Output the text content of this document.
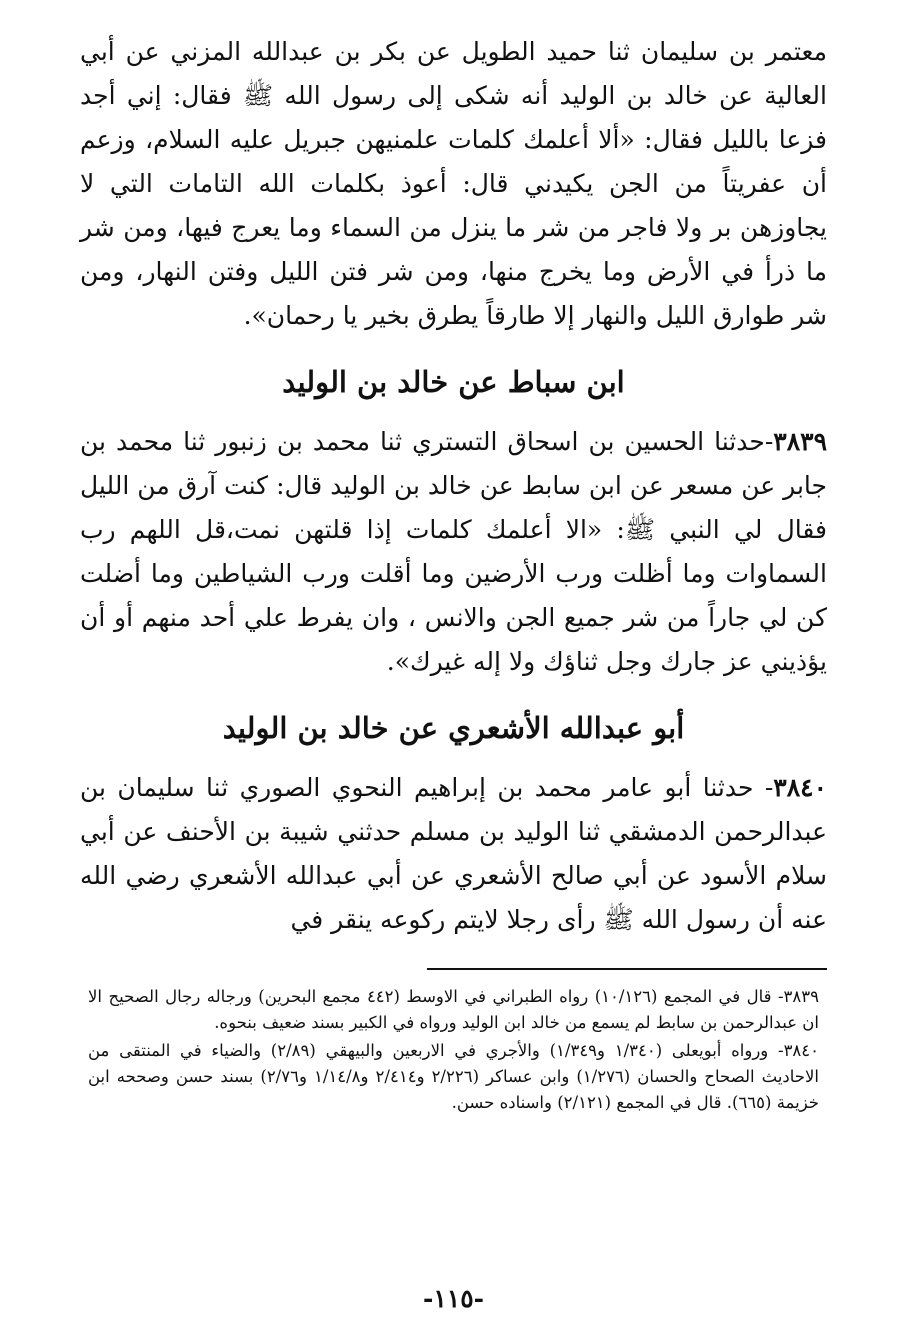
معتمر بن سليمان ثنا حميد الطويل عن بكر بن عبدالله المزني عن أبي العالية عن خالد بن الوليد أنه شكى إلى رسول الله ﷺ فقال: إني أجد فزعا بالليل فقال: «ألا أعلمك كلمات علمنيهن جبريل عليه السلام، وزعم أن عفريتاً من الجن يكيدني قال: أعوذ بكلمات الله التامات التي لا يجاوزهن بر ولا فاجر من شر ما ينزل من السماء وما يعرج فيها، ومن شر ما ذرأ في الأرض وما يخرج منها، ومن شر فتن الليل وفتن النهار، ومن شر طوارق الليل والنهار إلا طارقاً يطرق بخير يا رحمان».

ابن سباط عن خالد بن الوليد

٣٨٣٩-حدثنا الحسين بن اسحاق التستري ثنا محمد بن زنبور ثنا محمد بن جابر عن مسعر عن ابن سابط عن خالد بن الوليد قال: كنت آرق من الليل فقال لي النبي ﷺ: «الا أعلمك كلمات إذا قلتهن نمت،قل اللهم رب السماوات وما أظلت ورب الأرضين وما أقلت ورب الشياطين وما أضلت كن لي جاراً من شر جميع الجن والانس ، وان يفرط علي أحد منهم أو أن يؤذيني عز جارك وجل ثناؤك ولا إله غيرك».

أبو عبدالله الأشعري عن خالد بن الوليد

٣٨٤٠- حدثنا أبو عامر محمد بن إبراهيم النحوي الصوري ثنا سليمان بن عبدالرحمن الدمشقي ثنا الوليد بن مسلم حدثني شيبة بن الأحنف عن أبي سلام الأسود عن أبي صالح الأشعري عن أبي عبدالله الأشعري رضي الله عنه أن رسول الله ﷺ رأى رجلا لايتم ركوعه ينقر في

٣٨٣٩- قال في المجمع (١٠/١٢٦) رواه الطبراني في الاوسط (٤٤٢ مجمع البحرين) ورجاله رجال الصحيح الا ان عبدالرحمن بن سابط لم يسمع من خالد ابن الوليد ورواه في الكبير بسند ضعيف بنحوه.

٣٨٤٠- ورواه أبويعلى (١/٣٤٠ و١/٣٤٩) والأجري في الاربعين والبيهقي (٢/٨٩) والضياء في المنتقى من الاحاديث الصحاح والحسان (١/٢٧٦) وابن عساكر (٢/٢٢٦ و٢/٤١٤ و١/١٤/٨ و٢/٧٦) بسند حسن وصححه ابن خزيمة (٦٦٥). قال في المجمع (٢/١٢١) واسناده حسن.

-١١٥-
